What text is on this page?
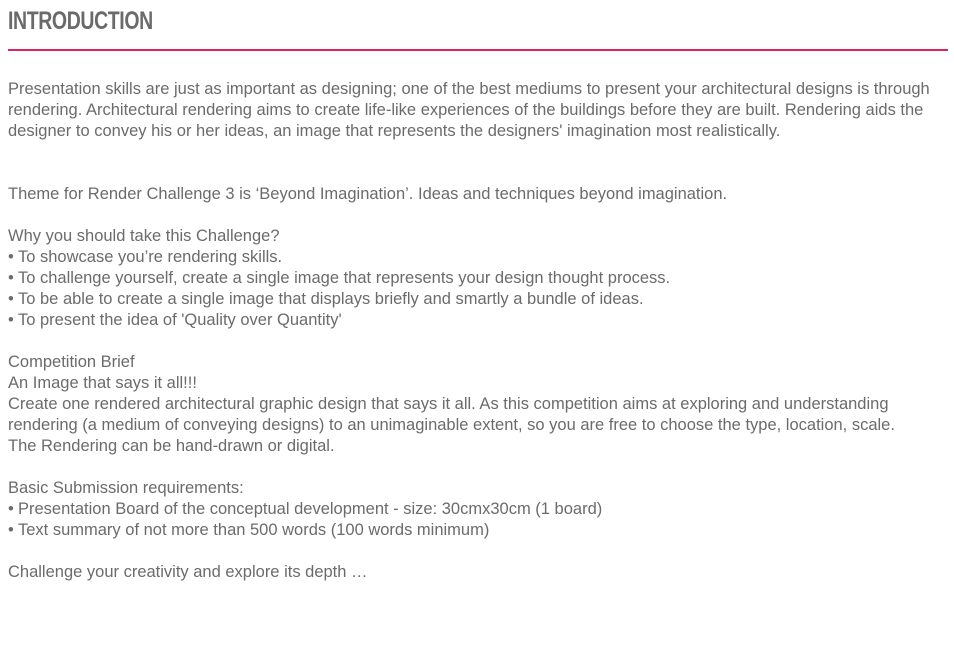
INTRODUCTION

Presentation skills are just as important as designing; one of the best mediums to present your architectural designs is through rendering. Architectural rendering aims to create life-like experiences of the buildings before they are built. Rendering aids the designer to convey his or her ideas, an image that represents the designers' imagination most realistically.

Theme for Render Challenge 3 is ‘Beyond Imagination’. Ideas and techniques beyond imagination.

Why you should take this Challenge?

• To showcase you’re rendering skills.

• To challenge yourself, create a single image that represents your design thought process.

• To be able to create a single image that displays briefly and smartly a bundle of ideas.

• To present the idea of 'Quality over Quantity'

Competition Brief

An Image that says it all!!!

Create one rendered architectural graphic design that says it all. As this competition aims at exploring and understanding rendering (a medium of conveying designs) to an unimaginable extent, so you are free to choose the type, location, scale.

The Rendering can be hand-drawn or digital.

Basic Submission requirements:

• Presentation Board of the conceptual development - size: 30cmx30cm (1 board)

• Text summary of not more than 500 words (100 words minimum)

Challenge your creativity and explore its depth …
